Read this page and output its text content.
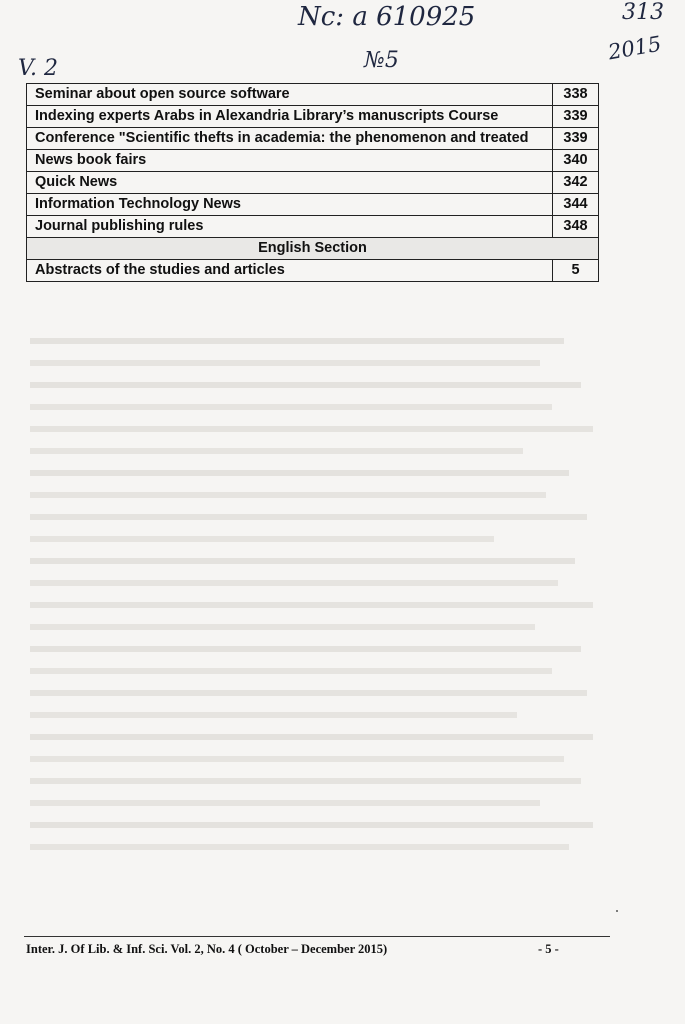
Nc: a 610925	313
2015
V. 2	№5
Seminar about open source software	338
Indexing experts Arabs in Alexandria Library’s manuscripts Course	339
Conference "Scientific thefts in academia: the phenomenon and treated	339
News book fairs	340
Quick News	342
Information Technology News	344
Journal publishing rules	348
English Section	
Abstracts of the studies and articles	5
Inter. J. Of Lib. & Inf. Sci. Vol. 2, No. 4 ( October – December 2015)	- 5 -
